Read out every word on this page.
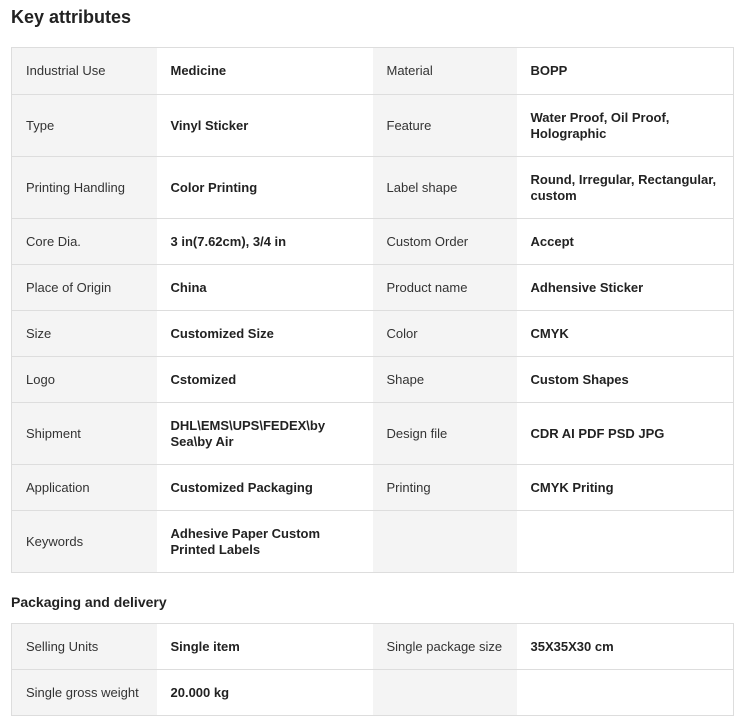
Key attributes
Industrial Use	Medicine	Material	BOPP
Type	Vinyl Sticker	Feature	Water Proof, Oil Proof, Holographic
Printing Handling	Color Printing	Label shape	Round, Irregular, Rectangular, custom
Core Dia.	3 in(7.62cm), 3/4 in	Custom Order	Accept
Place of Origin	China	Product name	Adhensive Sticker
Size	Customized Size	Color	CMYK
Logo	Cstomized	Shape	Custom Shapes
Shipment	DHL\EMS\UPS\FEDEX\by Sea\by Air	Design file	CDR AI PDF PSD JPG
Application	Customized Packaging	Printing	CMYK Priting
Keywords	Adhesive Paper Custom Printed Labels		
Packaging and delivery
Selling Units	Single item	Single package size	35X35X30 cm
Single gross weight	20.000 kg		
